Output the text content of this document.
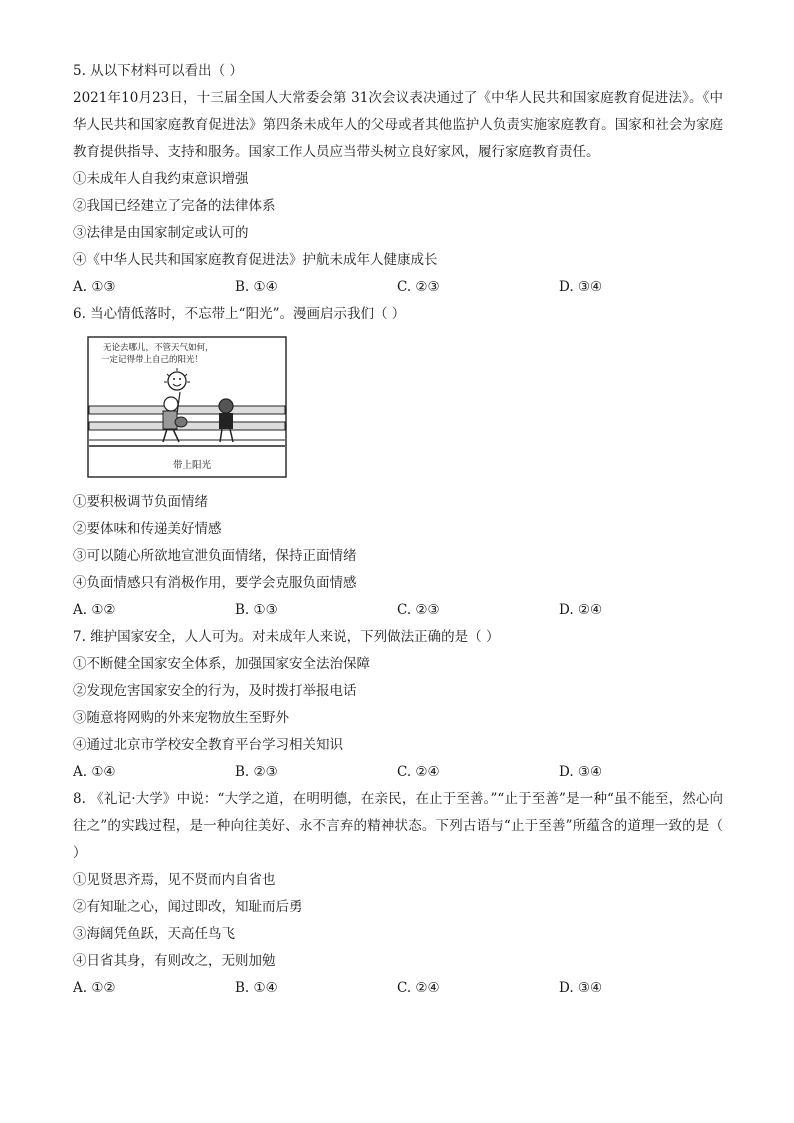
5. 从以下材料可以看出（ ）

2021年10月23日，十三届全国人大常委会第 31次会议表决通过了《中华人民共和国家庭教育促进法》。《中华人民共和国家庭教育促进法》第四条未成年人的父母或者其他监护人负责实施家庭教育。国家和社会为家庭教育提供指导、支持和服务。国家工作人员应当带头树立良好家风，履行家庭教育责任。

①未成年人自我约束意识增强

②我国已经建立了完备的法律体系

③法律是由国家制定或认可的

④《中华人民共和国家庭教育促进法》护航未成年人健康成长

A. ①③	B. ①④	C. ②③	D. ③④

6. 当心情低落时，不忘带上“阳光”。漫画启示我们（ ）

无论去哪儿，不管天气如何，
一定记得带上自己的阳光！
带上阳光

①要积极调节负面情绪

②要体味和传递美好情感

③可以随心所欲地宣泄负面情绪，保持正面情绪

④负面情感只有消极作用，要学会克服负面情感

A. ①②	B. ①③	C. ②③	D. ②④

7. 维护国家安全，人人可为。对未成年人来说，下列做法正确的是（ ）

①不断健全国家安全体系，加强国家安全法治保障

②发现危害国家安全的行为，及时拨打举报电话

③随意将网购的外来宠物放生至野外

④通过北京市学校安全教育平台学习相关知识

A. ①④	B. ②③	C. ②④	D. ③④

8. 《礼记·大学》中说：“大学之道，在明明德，在亲民，在止于至善。”“止于至善”是一种“虽不能至，然心向往之”的实践过程，是一种向往美好、永不言弃的精神状态。下列古语与“止于至善”所蕴含的道理一致的是（ ）

①见贤思齐焉，见不贤而内自省也

②有知耻之心，闻过即改，知耻而后勇

③海阔凭鱼跃，天高任鸟飞

④日省其身，有则改之，无则加勉

A. ①②	B. ①④	C. ②④	D. ③④
